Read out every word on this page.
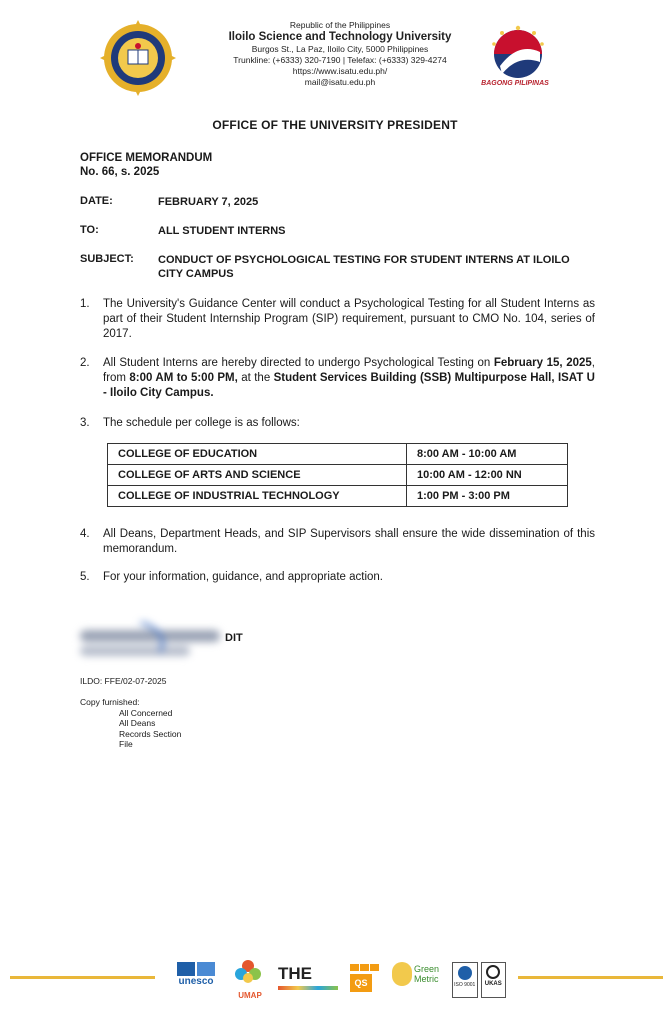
Republic of the Philippines
Iloilo Science and Technology University
Burgos St., La Paz, Iloilo City, 5000 Philippines
Trunkline: (+6333) 320-7190 | Telefax: (+6333) 329-4274
https://www.isatu.edu.ph/
mail@isatu.edu.ph	BAGONG PILIPINAS
OFFICE OF THE UNIVERSITY PRESIDENT
OFFICE MEMORANDUM
No. 66, s. 2025
DATE:	FEBRUARY 7, 2025
TO:	ALL STUDENT INTERNS
SUBJECT: CONDUCT OF PSYCHOLOGICAL TESTING FOR STUDENT INTERNS AT ILOILO CITY CAMPUS
1. The University's Guidance Center will conduct a Psychological Testing for all Student Interns as part of their Student Internship Program (SIP) requirement, pursuant to CMO No. 104, series of 2017.
2. All Student Interns are hereby directed to undergo Psychological Testing on February 15, 2025, from 8:00 AM to 5:00 PM, at the Student Services Building (SSB) Multipurpose Hall, ISAT U - Iloilo City Campus.
3. The schedule per college is as follows:
COLLEGE OF EDUCATION	8:00 AM - 10:00 AM
COLLEGE OF ARTS AND SCIENCE	10:00 AM - 12:00 NN
COLLEGE OF INDUSTRIAL TECHNOLOGY	1:00 PM - 3:00 PM
4. All Deans, Department Heads, and SIP Supervisors shall ensure the wide dissemination of this memorandum.
5. For your information, guidance, and appropriate action.
DIT
ILDO: FFE/02-07-2025
Copy furnished:
All Concerned
All Deans
Records Section
File
unesco
UMAP
THE	QS
Green
Metric
ISO 9001	UKAS
